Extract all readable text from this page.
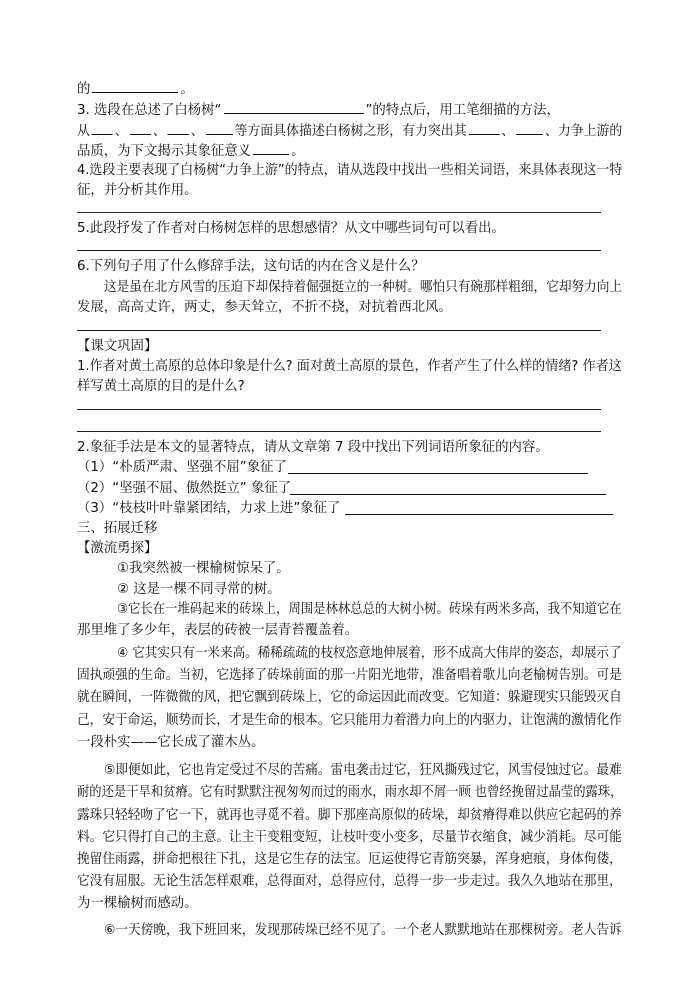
的	。
3. 选段在总述了白杨树“	”的特点后，用工笔细描的方法，
从 、 、 、 等方面具体描述白杨树之形，有力突出其	、 、力争上游的
品质，为下文揭示其象征意义	。
4.选段主要表现了白杨树“力争上游”的特点，请从选段中找出一些相关词语，来具体表现这一特
征，并分析其作用。
5.此段抒发了作者对白杨树怎样的思想感情？从文中哪些词句可以看出。
6.下列句子用了什么修辞手法，这句话的内在含义是什么？
这是虽在北方风雪的压迫下却保持着倔强挺立的一种树。哪怕只有碗那样粗细，它却努力向上
发展，高高丈许，两丈，参天耸立，不折不挠，对抗着西北风。
【课文巩固】
1.作者对黄土高原的总体印象是什么? 面对黄土高原的景色，作者产生了什么样的情绪? 作者这
样写黄土高原的目的是什么?
2.象征手法是本文的显著特点，请从文章第 7 段中找出下列词语所象征的内容。
（1）“朴质严肃、坚强不屈”象征了
（2）“坚强不屈、傲然挺立” 象征了
（3）“枝枝叶叶靠紧团结，力求上进”象征了
三、拓展迁移
【激流勇探】
①我突然被一棵榆树惊呆了。
② 这是一棵不同寻常的树。
③它长在一堆码起来的砖垛上，周围是林林总总的大树小树。砖垛有两米多高，我不知道它在
那里堆了多少年，表层的砖被一层青苔覆盖着。
④ 它其实只有一米来高。稀稀疏疏的枝杈恣意地伸展着，形不成高大伟岸的姿态，却展示了
固执顽强的生命。当初，它选择了砖垛前面的那一片阳光地带，准备唱着歌儿向老榆树告别。可是
就在瞬间，一阵微微的风，把它飘到砖垛上，它的命运因此而改变。它知道：躲避现实只能毁灭自
己，安于命运，顺势而长，才是生命的根本。它只能用力着潜力向上的内驱力，让饱满的激情化作
一段朴实——它长成了灌木丛。
⑤即便如此，它也肯定受过不尽的苦痛。雷电袭击过它，狂风撕残过它，风雪侵蚀过它。最难
耐的还是干旱和贫瘠。它有时默默注视匆匆而过的雨水，雨水却不屑一顾 也曾经挽留过晶莹的露珠，
露珠只轻轻吻了它一下，就再也寻觅不着。脚下那座高原似的砖垛，却贫瘠得难以供应它起码的养
料。它只得打自己的主意。让主干变粗变短，让枝叶变小变多，尽量节衣缩食，减少消耗。尽可能
挽留住雨露，拼命把根往下扎，这是它生存的法宝。厄运使得它青筋突暴，浑身疤痕，身体佝偻，
它没有屈服。无论生活怎样艰难，总得面对，总得应付，总得一步一步走过。我久久地站在那里，
为一棵榆树而感动。
⑥一天傍晚，我下班回来，发现那砖垛已经不见了。一个老人默默地站在那棵树旁。老人告诉
